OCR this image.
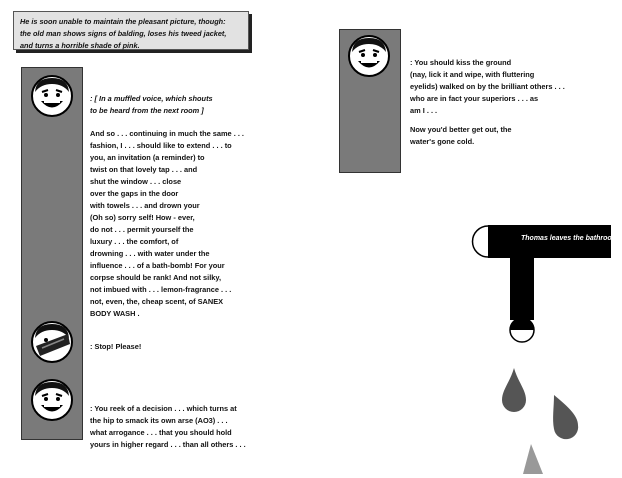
He is soon unable to maintain the pleasant picture, though:
the old man shows signs of balding, loses his tweed jacket,
and turns a horrible shade of pink.
: [ In a muffled voice, which shouts
to be heard from the next room ]
And so . . . continuing in much the same . . .
fashion, I . . . should like to extend . . . to
you, an invitation (a reminder) to
twist on that lovely tap . . . and
shut the window . . . close
over the gaps in the door
with towels . . . and drown your
(Oh so) sorry self! How - ever,
do not . . . permit yourself the
luxury . . . the comfort, of
drowning . . . with water under the
influence . . . of a bath-bomb! For your
corpse should be rank! And not silky,
not imbued with . . . lemon-fragrance . . .
not, even, the, cheap scent, of SANEX
BODY WASH .
: Stop! Please!
: You reek of a decision . . . which turns at
the hip to smack its own arse (AO3) . . .
what arrogance . . . that you should hold
yours in higher regard . . . than all others . . .
: You should kiss the ground
(nay, lick it and wipe, with fluttering
eyelids) walked on by the brilliant others . . .
who are in fact your superiors . . . as
am I . . .
Now you'd better get out, the
water's gone cold.
Thomas leaves the bathroom.
